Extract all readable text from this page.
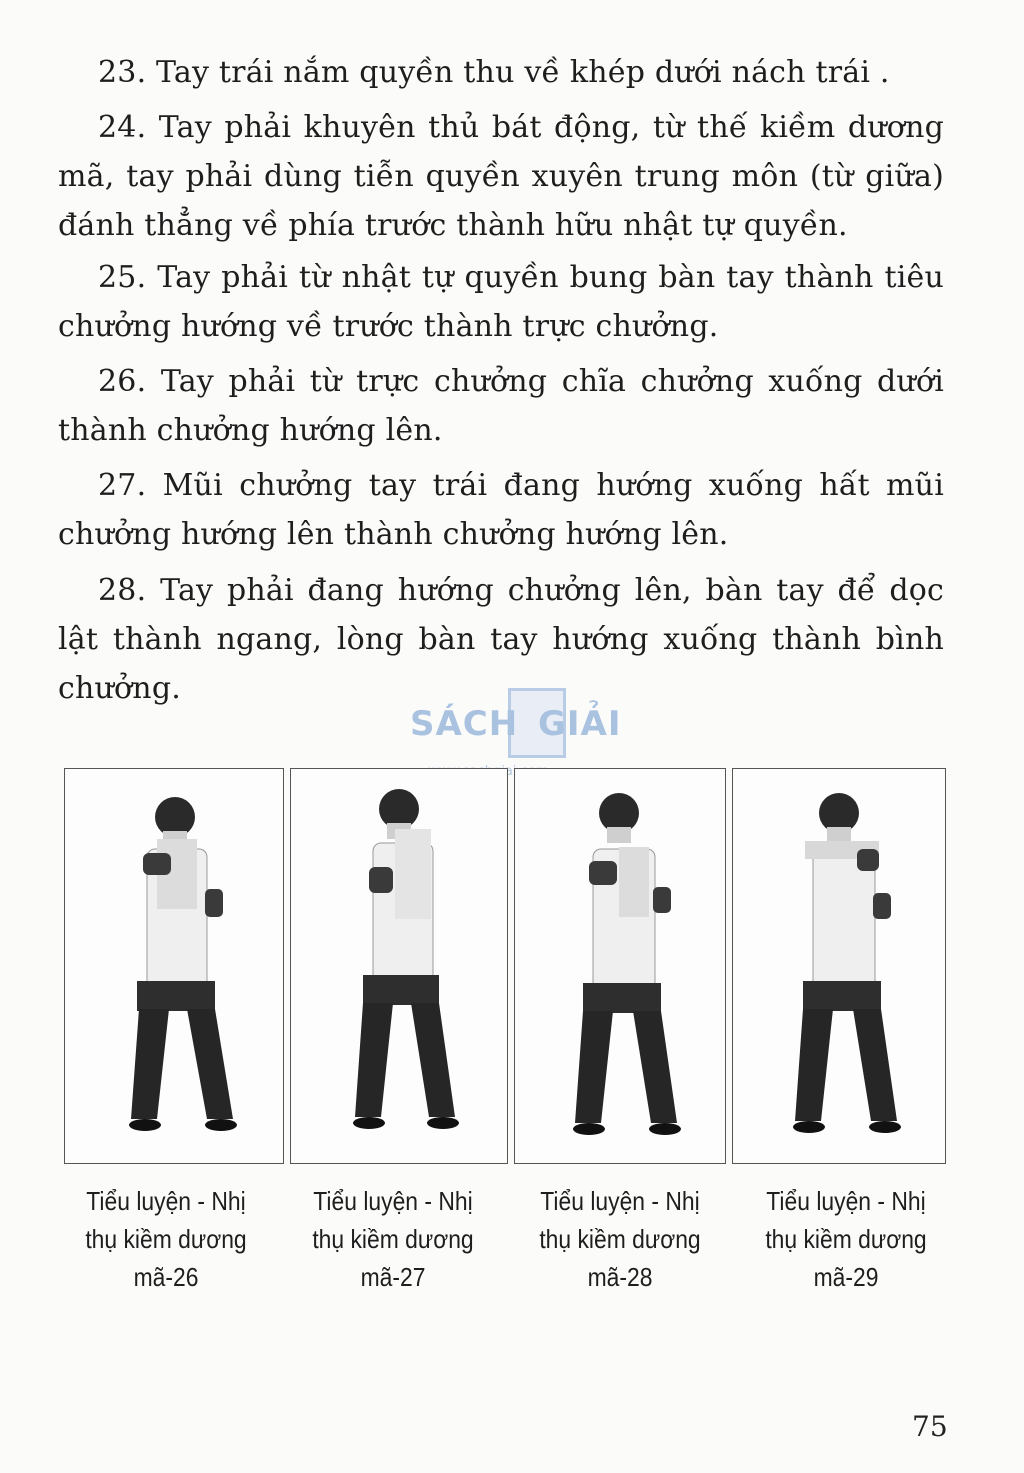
23. Tay trái nắm quyền thu về khép dưới nách trái .

24. Tay phải khuyên thủ bát động, từ thế kiềm dương mã, tay phải dùng tiễn quyền xuyên trung môn (từ giữa) đánh thẳng về phía trước thành hữu nhật tự quyền.

25. Tay phải từ nhật tự quyền bung bàn tay thành tiêu chưởng hướng về trước thành trực chưởng.

26. Tay phải từ trực chưởng chĩa chưởng xuống dưới thành chưởng hướng lên.

27. Mũi chưởng tay trái đang hướng xuống hất mũi chưởng hướng lên thành chưởng hướng lên.

28. Tay phải đang hướng chưởng lên, bàn tay để dọc lật thành ngang, lòng bàn tay hướng xuống thành bình chưởng.

SÁCH GIẢI
Tiểu luyện - Nhị
thụ kiềm dương
mã-26
Tiểu luyện - Nhị
thụ kiềm dương
mã-27
Tiểu luyện - Nhị
thụ kiềm dương
mã-28
Tiểu luyện - Nhị
thụ kiềm dương
mã-29
75
